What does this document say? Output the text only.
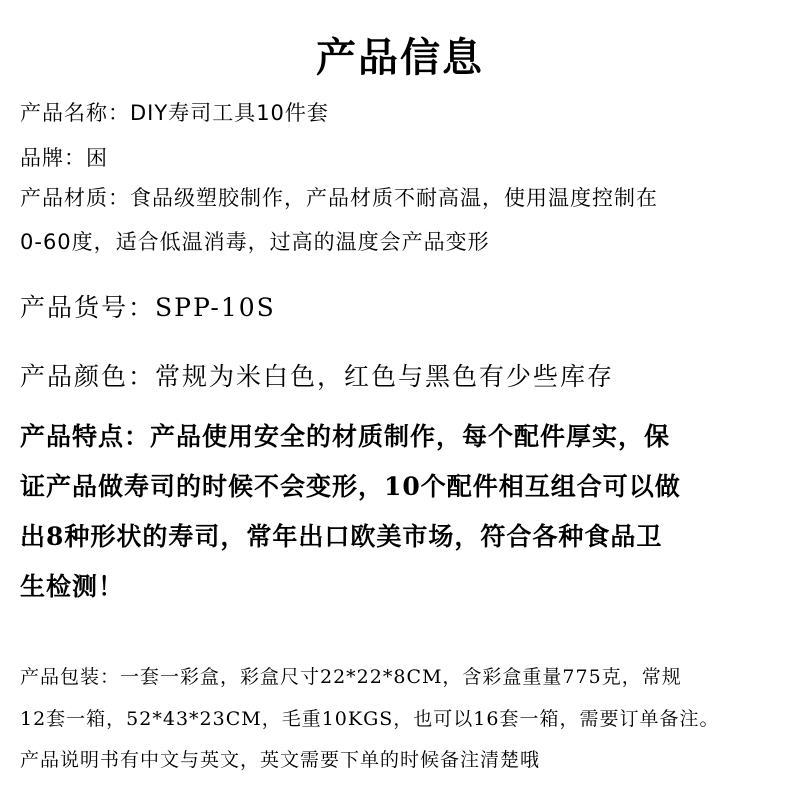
产品信息

产品名称：DIY寿司工具10件套

品牌：困

产品材质：食品级塑胶制作，产品材质不耐高温，使用温度控制在

0-60度，适合低温消毒，过高的温度会产品变形

产品货号：SPP-10S

产品颜色：常规为米白色，红色与黑色有少些库存

产品特点：产品使用安全的材质制作，每个配件厚实，保

证产品做寿司的时候不会变形，10个配件相互组合可以做

出8种形状的寿司，常年出口欧美市场，符合各种食品卫

生检测！

产品包装：一套一彩盒，彩盒尺寸22*22*8CM，含彩盒重量775克，常规

12套一箱，52*43*23CM，毛重10KGS，也可以16套一箱，需要订单备注。

产品说明书有中文与英文，英文需要下单的时候备注清楚哦
